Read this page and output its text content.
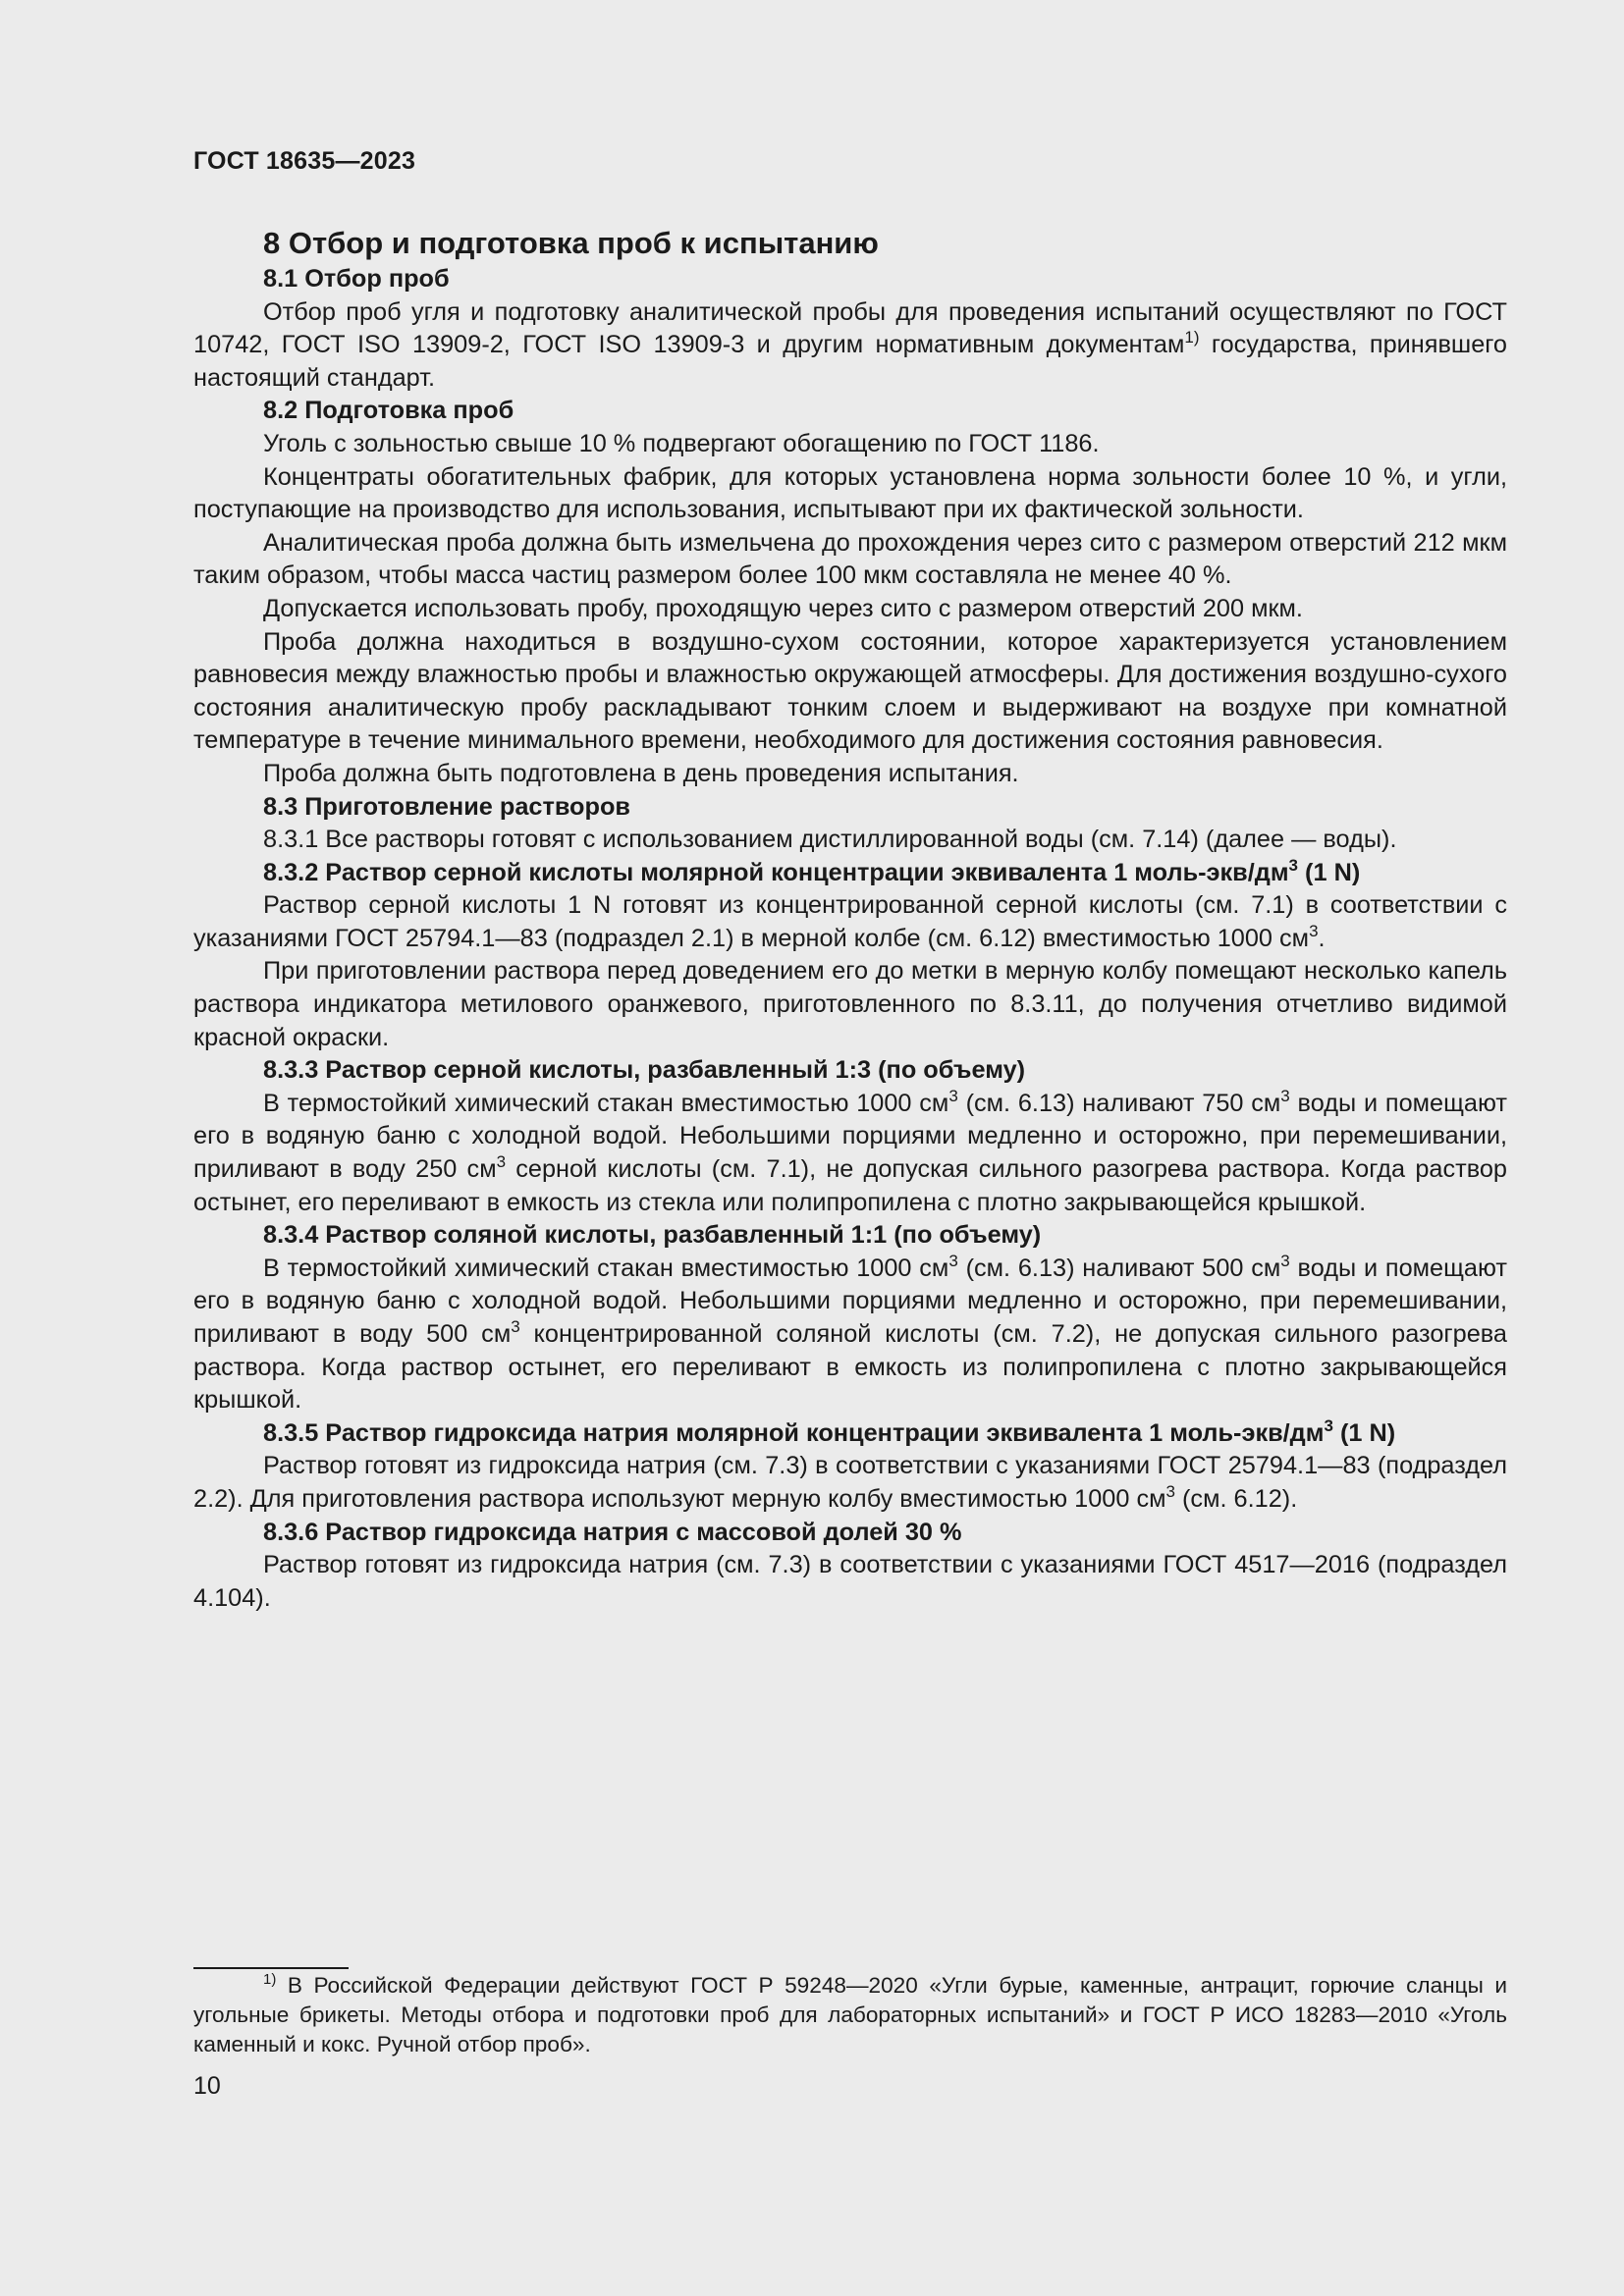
ГОСТ 18635—2023

8 Отбор и подготовка проб к испытанию

8.1 Отбор проб

Отбор проб угля и подготовку аналитической пробы для проведения испытаний осуществляют по ГОСТ 10742, ГОСТ ISO 13909-2, ГОСТ ISO 13909-3 и другим нормативным документам$^{1)}$ государства, принявшего настоящий стандарт.

8.2 Подготовка проб

Уголь с зольностью свыше 10 % подвергают обогащению по ГОСТ 1186.

Концентраты обогатительных фабрик, для которых установлена норма зольности более 10 %, и угли, поступающие на производство для использования, испытывают при их фактической зольности.

Аналитическая проба должна быть измельчена до прохождения через сито с размером отверстий 212 мкм таким образом, чтобы масса частиц размером более 100 мкм составляла не менее 40 %.

Допускается использовать пробу, проходящую через сито с размером отверстий 200 мкм.

Проба должна находиться в воздушно-сухом состоянии, которое характеризуется установлением равновесия между влажностью пробы и влажностью окружающей атмосферы. Для достижения воздушно-сухого состояния аналитическую пробу раскладывают тонким слоем и выдерживают на воздухе при комнатной температуре в течение минимального времени, необходимого для достижения состояния равновесия.

Проба должна быть подготовлена в день проведения испытания.

8.3 Приготовление растворов

8.3.1 Все растворы готовят с использованием дистиллированной воды (см. 7.14) (далее — воды).

8.3.2 Раствор серной кислоты молярной концентрации эквивалента 1 моль-$экв/дм^3$ (1 N)

Раствор серной кислоты 1 N готовят из концентрированной серной кислоты (см. 7.1) в соответствии с указаниями ГОСТ 25794.1—83 (подраздел 2.1) в мерной колбе (см. 6.12) вместимостью 1000 $см^3$.

При приготовлении раствора перед доведением его до метки в мерную колбу помещают несколько капель раствора индикатора метилового оранжевого, приготовленного по 8.3.11, до получения отчетливо видимой красной окраски.

8.3.3 Раствор серной кислоты, разбавленный 1:3 (по объему)

В термостойкий химический стакан вместимостью 1000 $см^3$ (см. 6.13) наливают 750 $см^3$ воды и помещают его в водяную баню с холодной водой. Небольшими порциями медленно и осторожно, при перемешивании, приливают в воду 250 $см^3$ серной кислоты (см. 7.1), не допуская сильного разогрева раствора. Когда раствор остынет, его переливают в емкость из стекла или полипропилена с плотно закрывающейся крышкой.

8.3.4 Раствор соляной кислоты, разбавленный 1:1 (по объему)

В термостойкий химический стакан вместимостью 1000 $см^3$ (см. 6.13) наливают 500 $см^3$ воды и помещают его в водяную баню с холодной водой. Небольшими порциями медленно и осторожно, при перемешивании, приливают в воду 500 $см^3$ концентрированной соляной кислоты (см. 7.2), не допуская сильного разогрева раствора. Когда раствор остынет, его переливают в емкость из полипропилена с плотно закрывающейся крышкой.

8.3.5 Раствор гидроксида натрия молярной концентрации эквивалента 1 моль-$экв/дм^3$ (1 N)

Раствор готовят из гидроксида натрия (см. 7.3) в соответствии с указаниями ГОСТ 25794.1—83 (подраздел 2.2). Для приготовления раствора используют мерную колбу вместимостью 1000 $см^3$ (см. 6.12).

8.3.6 Раствор гидроксида натрия с массовой долей 30 %

Раствор готовят из гидроксида натрия (см. 7.3) в соответствии с указаниями ГОСТ 4517—2016 (подраздел 4.104).

$^{1)}$ В Российской Федерации действуют ГОСТ Р 59248—2020 «Угли бурые, каменные, антрацит, горючие сланцы и угольные брикеты. Методы отбора и подготовки проб для лабораторных испытаний» и ГОСТ Р ИСО 18283—2010 «Уголь каменный и кокс. Ручной отбор проб».

10
